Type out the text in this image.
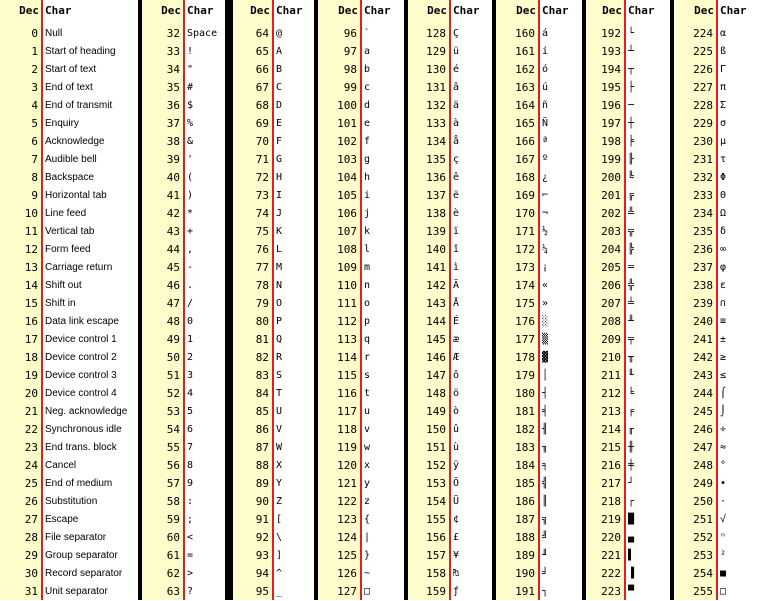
Dec Char
0 Null
1 Start of heading
2 Start of text
3 End of text
4 End of transmit
5 Enquiry
6 Acknowledge
7 Audible bell
8 Backspace
9 Horizontal tab
10 Line feed
11 Vertical tab
12 Form feed
13 Carriage return
14 Shift out
15 Shift in
16 Data link escape
17 Device control 1
18 Device control 2
19 Device control 3
20 Device control 4
21 Neg. acknowledge
22 Synchronous idle
23 End trans. block
24 Cancel
25 End of medium
26 Substitution
27 Escape
28 File separator
29 Group separator
30 Record separator
31 Unit separator
Dec Char
32 Space
33 !
34 "
35 #
36 $
37 %
38 &
39 '
40 (
41 )
42 *
43 +
44 ,
45 -
46 .
47 /
48 0
49 1
50 2
51 3
52 4
53 5
54 6
55 7
56 8
57 9
58 :
59 ;
60 <
61 =
62 >
63 ?
Dec Char
64 @
65 A
66 B
67 C
68 D
69 E
70 F
71 G
72 H
73 I
74 J
75 K
76 L
77 M
78 N
79 O
80 P
81 Q
82 R
83 S
84 T
85 U
86 V
87 W
88 X
89 Y
90 Z
91 [
92 \
93 ]
94 ^
95 _
Dec Char
96 `
97 a
98 b
99 c
100 d
101 e
102 f
103 g
104 h
105 i
106 j
107 k
108 l
109 m
110 n
111 o
112 p
113 q
114 r
115 s
116 t
117 u
118 v
119 w
120 x
121 y
122 z
123 {
124 |
125 }
126 ~
127 □
Dec Char
128 Ç
129 ü
130 é
131 â
132 ä
133 à
134 å
135 ç
136 ê
137 ë
138 è
139 ï
140 î
141 ì
142 Ä
143 Å
144 É
145 æ
146 Æ
147 ô
148 ö
149 ò
150 û
151 ù
152 ÿ
153 Ö
154 Ü
155 ¢
156 £
157 ¥
158 ₧
159 ƒ
Dec Char
160 á
161 í
162 ó
163 ú
164 ñ
165 Ñ
166 ª
167 º
168 ¿
169 ⌐
170 ¬
171 ½
172 ¼
173 ¡
174 «
175 »
176 ░
177 ▒
178 ▓
179 │
180 ┤
181 ╡
182 ╢
183 ╖
184 ╕
185 ╣
186 ║
187 ╗
188 ╝
189 ╜
190 ╛
191 ┐
Dec Char
192 └
193 ┴
194 ┬
195 ├
196 ─
197 ┼
198 ╞
199 ╟
200 ╚
201 ╔
202 ╩
203 ╦
204 ╠
205 ═
206 ╬
207 ╧
208 ╨
209 ╤
210 ╥
211 ╙
212 ╘
213 ╒
214 ╓
215 ╫
216 ╪
217 ┘
218 ┌
219 █
220 ▄
221 ▌
222 ▐
223 ▀
Dec Char
224 α
225 ß
226 Γ
227 π
228 Σ
229 σ
230 µ
231 τ
232 Φ
233 Θ
234 Ω
235 δ
236 ∞
237 φ
238 ε
239 ∩
240 ≡
241 ±
242 ≥
243 ≤
244 ⌠
245 ⌡
246 ÷
247 ≈
248 °
249 ∙
250 ·
251 √
252 ⁿ
253 ²
254 ■
255 □
